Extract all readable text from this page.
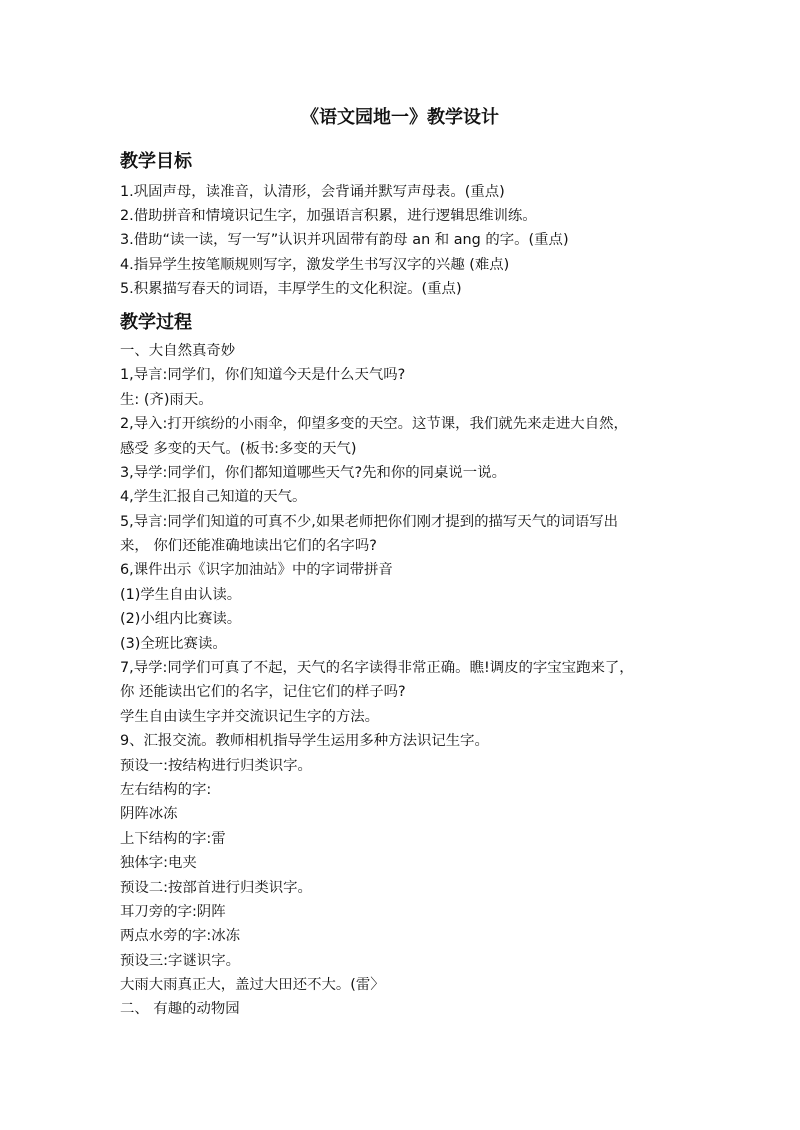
《语文园地一》教学设计
教学目标

1.巩固声母，读准音，认清形，会背诵并默写声母表。(重点)

2.借助拼音和情境识记生字，加强语言积累，进行逻辑思维训练。

3.借助“读一读，写一写”认识并巩固带有韵母 an 和 ang 的字。(重点)

4.指异学生按笔顺规则写字，激发学生书写汉字的兴趣 (难点)

5.积累描写春天的词语，丰厚学生的文化积淀。(重点)

教学过程

一、大自然真奇妙

1,导言:同学们，你们知道今天是什么天气吗?

生: (齐)雨天。

2,导入:打开缤纷的小雨伞，仰望多变的天空。这节课，我们就先来走进大自然，

感受 多变的天气。(板书:多变的天气)

3,导学:同学们，你们都知道哪些天气?先和你的同桌说一说。

4,学生汇报自己知道的天气。

5,导言:同学们知道的可真不少,如果老师把你们刚才提到的描写天气的词语写出

来， 你们还能准确地读出它们的名字吗?

6,课件出示《识字加油站》中的字词带拼音

(1)学生自由认读。

(2)小组内比赛读。

(3)全班比赛读。

7,导学:同学们可真了不起，天气的名字读得非常正确。瞧!调皮的字宝宝跑来了，

你 还能读出它们的名字，记住它们的样子吗?

学生自由读生字并交流识记生字的方法。

9、汇报交流。教师相机指导学生运用多种方法识记生字。

预设一:按结构进行归类识字。

左右结构的字:

阴阵冰冻

上下结构的字:雷

独体字:电夹

预设二:按部首进行归类识字。

耳刀旁的字:阴阵

两点水旁的字:冰冻

预设三:字谜识字。

大雨大雨真正大，盖过大田还不大。(雷〉

二、 有趣的动物园
